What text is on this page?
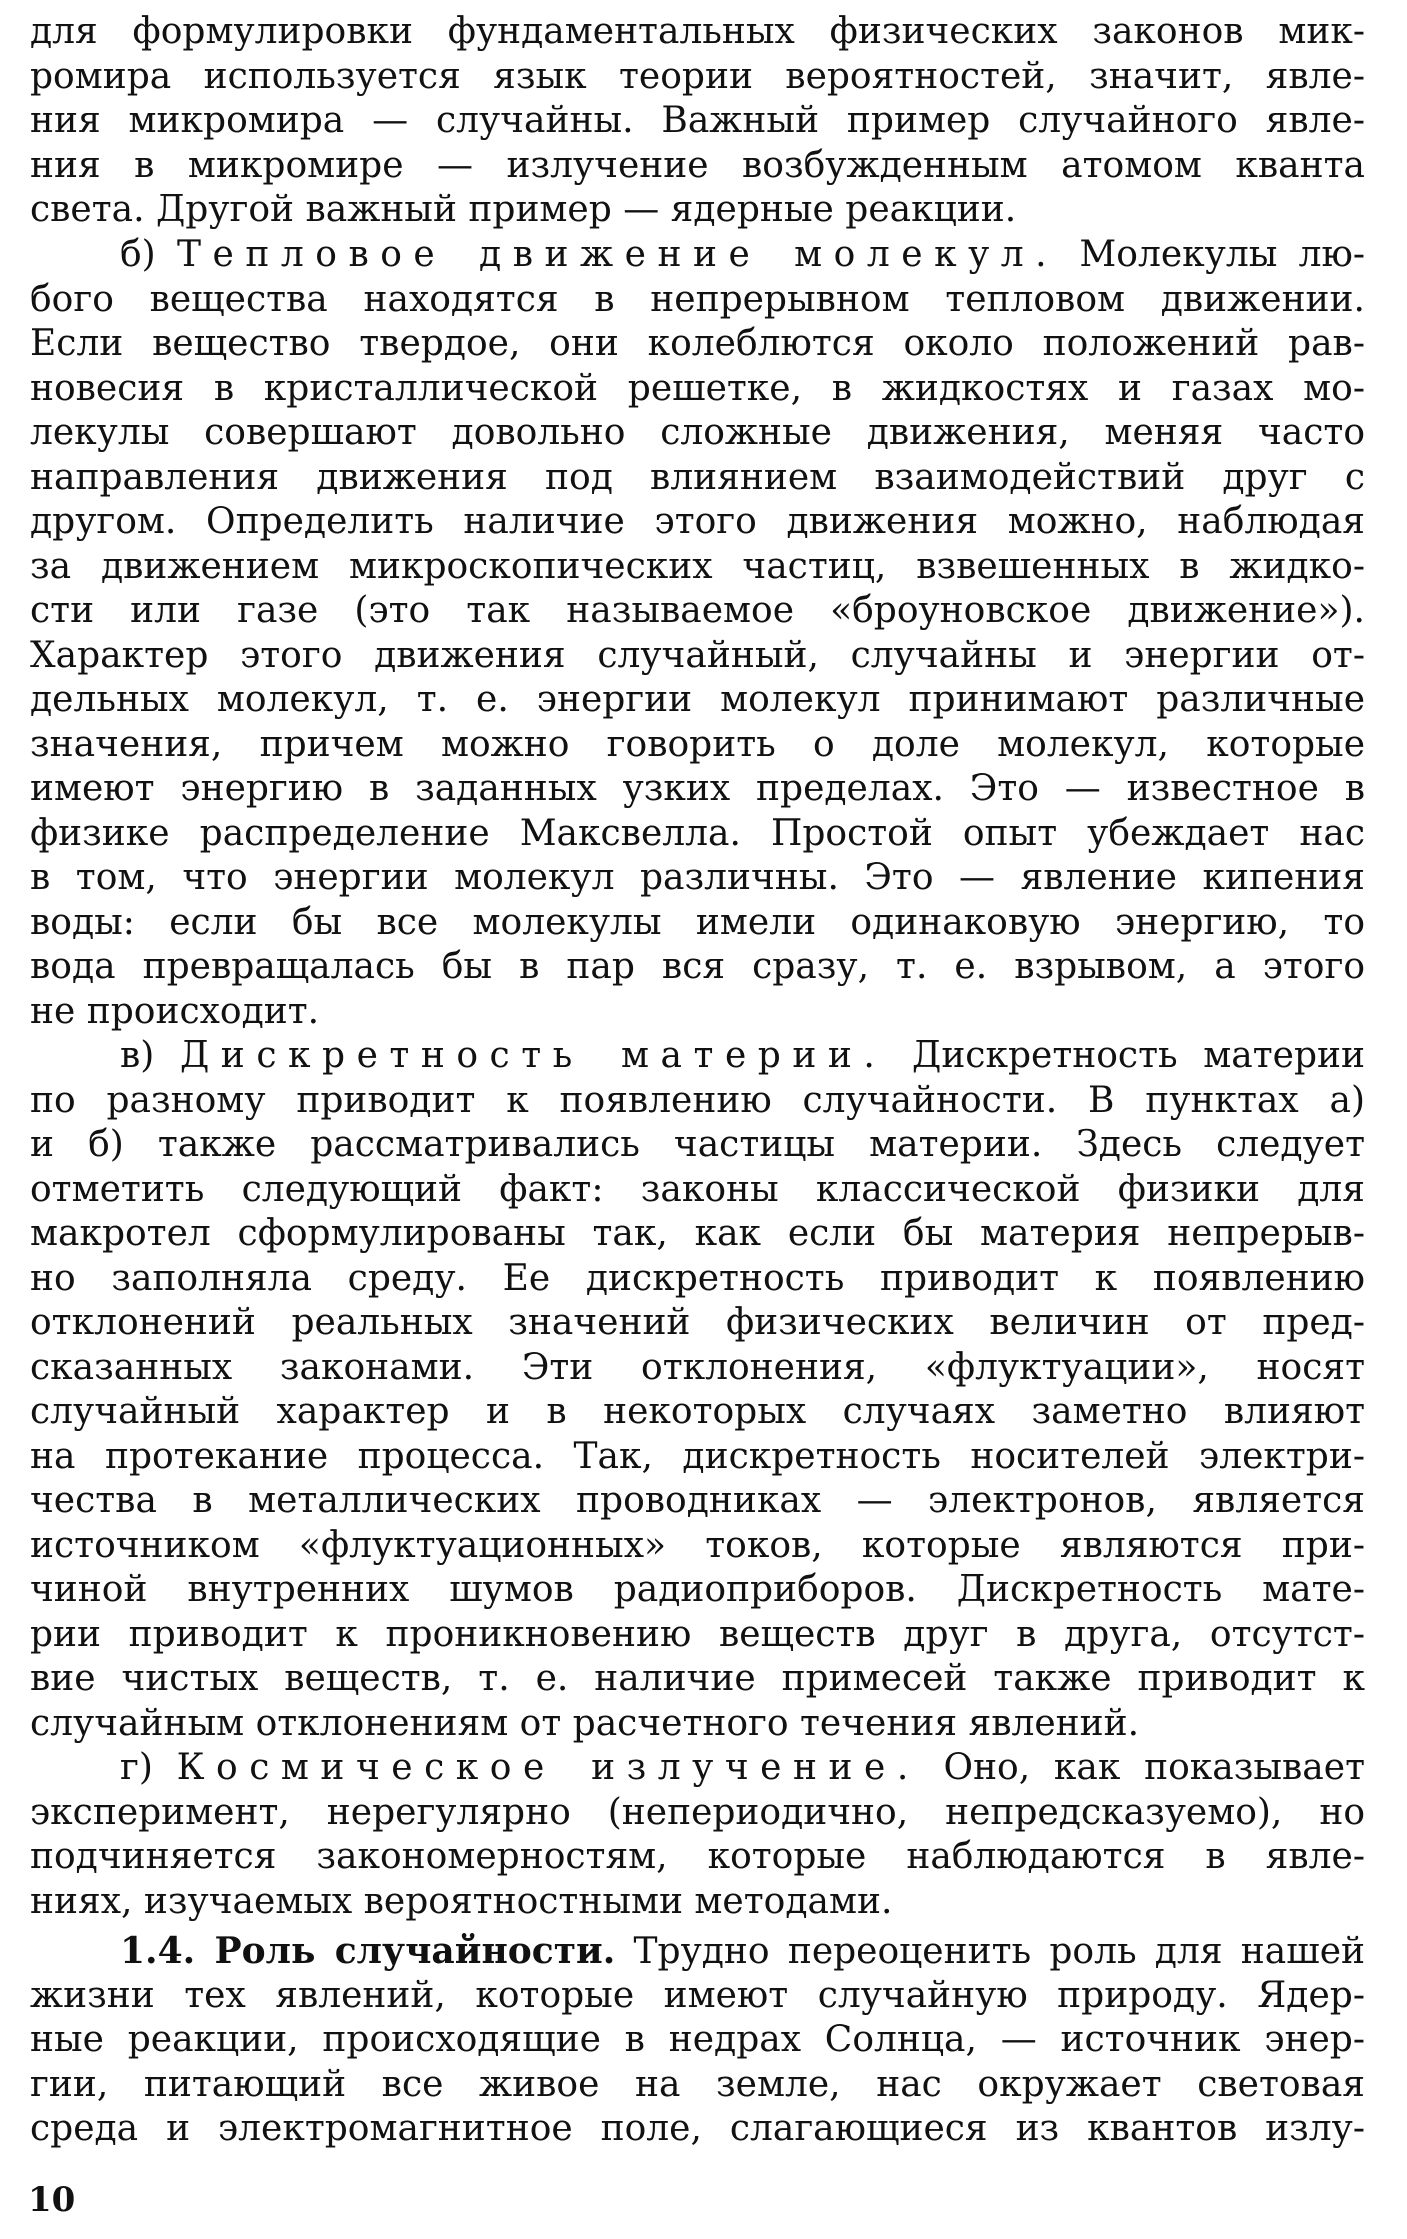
для формулировки фундаментальных физических законов мик-
ромира используется язык теории вероятностей, значит, явле-
ния микромира — случайны. Важный пример случайного явле-
ния в микромире — излучение возбужденным атомом кванта
света. Другой важный пример — ядерные реакции.
б) Тепловое движение молекул. Молекулы лю-
бого вещества находятся в непрерывном тепловом движении.
Если вещество твердое, они колеблются около положений рав-
новесия в кристаллической решетке, в жидкостях и газах мо-
лекулы совершают довольно сложные движения, меняя часто
направления движения под влиянием взаимодействий друг с
другом. Определить наличие этого движения можно, наблюдая
за движением микроскопических частиц, взвешенных в жидко-
сти или газе (это так называемое «броуновское движение»).
Характер этого движения случайный, случайны и энергии от-
дельных молекул, т. е. энергии молекул принимают различные
значения, причем можно говорить о доле молекул, которые
имеют энергию в заданных узких пределах. Это — известное в
физике распределение Максвелла. Простой опыт убеждает нас
в том, что энергии молекул различны. Это — явление кипения
воды: если бы все молекулы имели одинаковую энергию, то
вода превращалась бы в пар вся сразу, т. е. взрывом, а этого
не происходит.
в) Дискретность материи. Дискретность материи
по разному приводит к появлению случайности. В пунктах а)
и б) также рассматривались частицы материи. Здесь следует
отметить следующий факт: законы классической физики для
макротел сформулированы так, как если бы материя непрерыв-
но заполняла среду. Ее дискретность приводит к появлению
отклонений реальных значений физических величин от пред-
сказанных законами. Эти отклонения, «флуктуации», носят
случайный характер и в некоторых случаях заметно влияют
на протекание процесса. Так, дискретность носителей электри-
чества в металлических проводниках — электронов, является
источником «флуктуационных» токов, которые являются при-
чиной внутренних шумов радиоприборов. Дискретность мате-
рии приводит к проникновению веществ друг в друга, отсутст-
вие чистых веществ, т. е. наличие примесей также приводит к
случайным отклонениям от расчетного течения явлений.
г) Космическое излучение. Оно, как показывает
эксперимент, нерегулярно (непериодично, непредсказуемо), но
подчиняется закономерностям, которые наблюдаются в явле-
ниях, изучаемых вероятностными методами.
1.4. Роль случайности. Трудно переоценить роль для нашей
жизни тех явлений, которые имеют случайную природу. Ядер-
ные реакции, происходящие в недрах Солнца, — источник энер-
гии, питающий все живое на земле, нас окружает световая
среда и электромагнитное поле, слагающиеся из квантов излу-
10
